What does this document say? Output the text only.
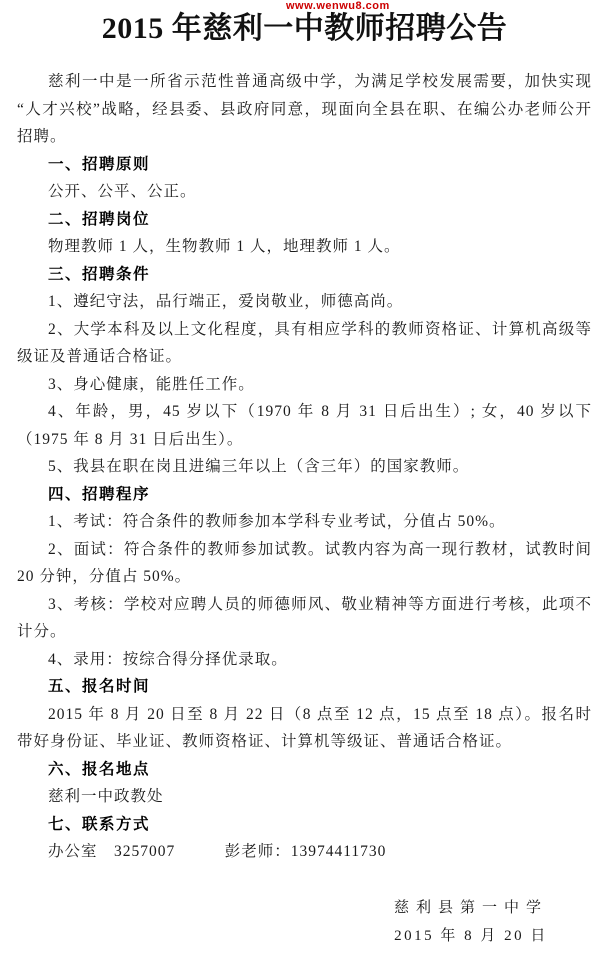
www.wenwu8.com
2015 年慈利一中教师招聘公告

慈利一中是一所省示范性普通高级中学，为满足学校发展需要，加快实现“人才兴校”战略，经县委、县政府同意，现面向全县在职、在编公办老师公开招聘。

一、招聘原则

公开、公平、公正。

二、招聘岗位

物理教师 1 人，生物教师 1 人，地理教师 1 人。

三、招聘条件

1、遵纪守法，品行端正，爱岗敬业，师德高尚。

2、大学本科及以上文化程度，具有相应学科的教师资格证、计算机高级等级证及普通话合格证。

3、身心健康，能胜任工作。

4、年龄，男，45 岁以下（1970 年 8 月 31 日后出生）; 女，40 岁以下（1975 年 8 月 31 日后出生）。

5、我县在职在岗且进编三年以上（含三年）的国家教师。

四、招聘程序

1、考试：符合条件的教师参加本学科专业考试，分值占 50%。

2、面试：符合条件的教师参加试教。试教内容为高一现行教材，试教时间 20 分钟，分值占 50%。

3、考核：学校对应聘人员的师德师风、敬业精神等方面进行考核，此项不计分。

4、录用：按综合得分择优录取。

五、报名时间

2015 年 8 月 20 日至 8 月 22 日（8 点至 12 点，15 点至 18 点）。报名时带好身份证、毕业证、教师资格证、计算机等级证、普通话合格证。

六、报名地点

慈利一中政教处

七、联系方式

办公室　3257007　　　彭老师：13974411730

慈利县第一中学
2015 年 8 月 20 日
